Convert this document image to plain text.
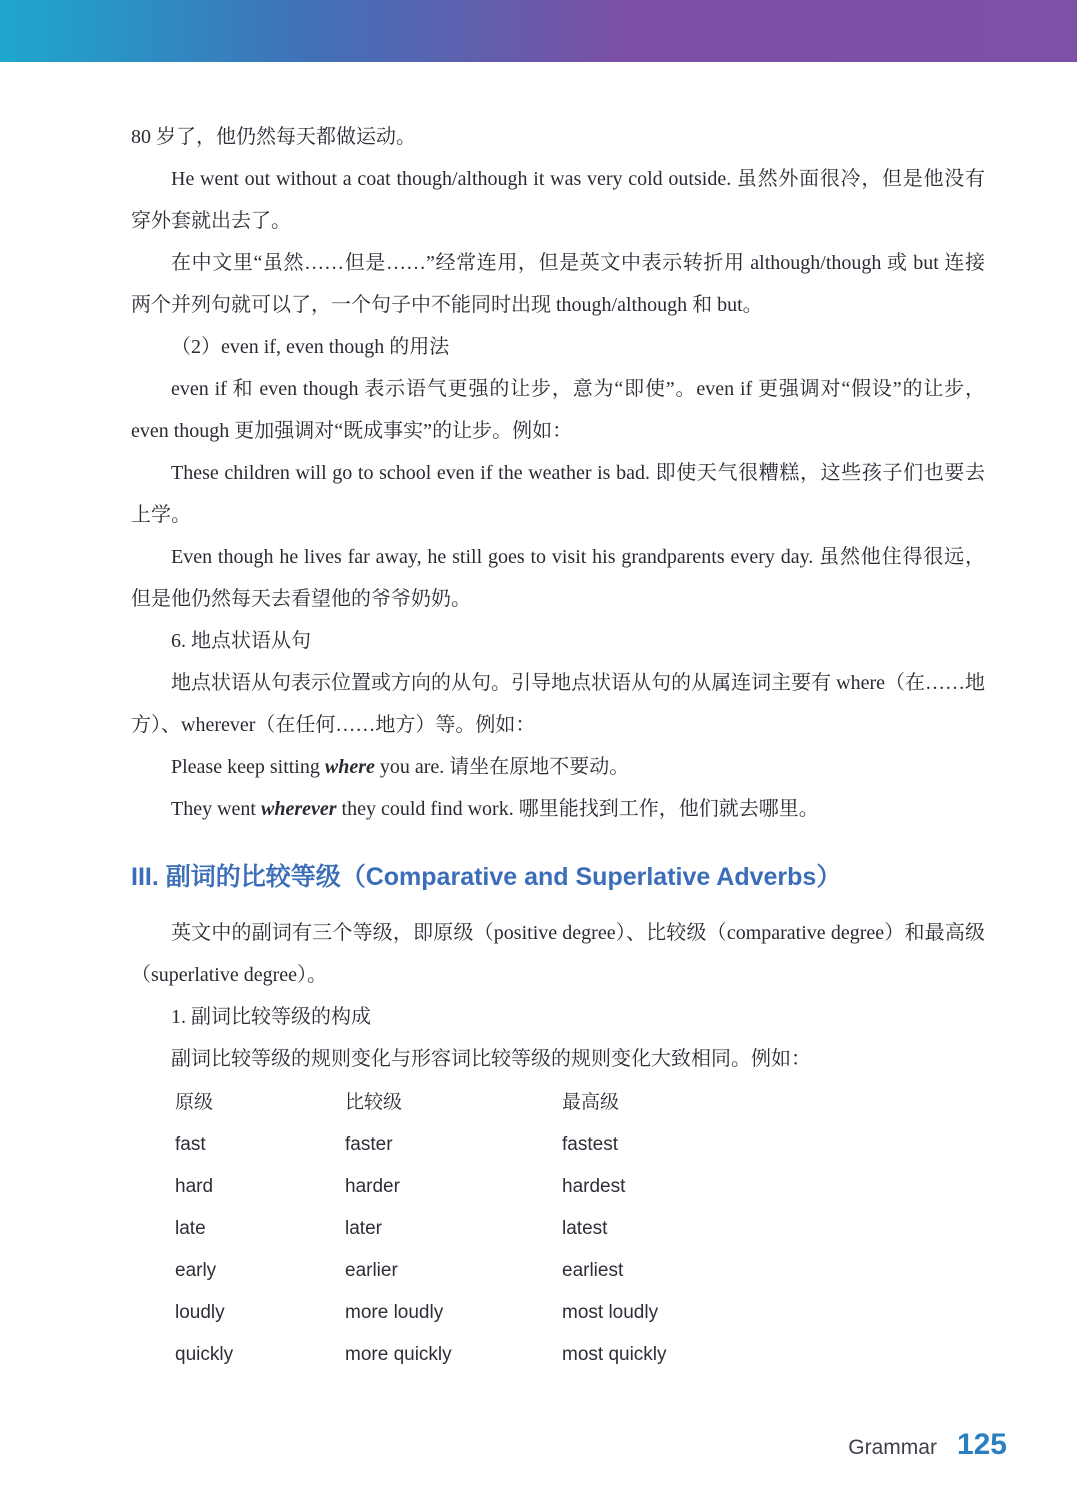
80 岁了，他仍然每天都做运动。

He went out without a coat though/although it was very cold outside. 虽然外面很冷，但是他没有穿外套就出去了。

在中文里“虽然……但是……”经常连用，但是英文中表示转折用 although/though 或 but 连接两个并列句就可以了，一个句子中不能同时出现 though/although 和 but。

（2）even if, even though 的用法

even if 和 even though 表示语气更强的让步，意为“即使”。even if 更强调对“假设”的让步，even though 更加强调对“既成事实”的让步。例如：

These children will go to school even if the weather is bad. 即使天气很糟糕，这些孩子们也要去上学。

Even though he lives far away, he still goes to visit his grandparents every day. 虽然他住得很远，但是他仍然每天去看望他的爷爷奶奶。

6. 地点状语从句

地点状语从句表示位置或方向的从句。引导地点状语从句的从属连词主要有 where（在……地方）、wherever（在任何……地方）等。例如：

Please keep sitting where you are. 请坐在原地不要动。

They went wherever they could find work. 哪里能找到工作，他们就去哪里。

III. 副词的比较等级（Comparative and Superlative Adverbs）

英文中的副词有三个等级，即原级（positive degree）、比较级（comparative degree）和最高级（superlative degree）。

1. 副词比较等级的构成

副词比较等级的规则变化与形容词比较等级的规则变化大致相同。例如：

原级	比较级	最高级
fast	faster	fastest
hard	harder	hardest
late	later	latest
early	earlier	earliest
loudly	more loudly	most loudly
quickly	more quickly	most quickly
Grammar 125
